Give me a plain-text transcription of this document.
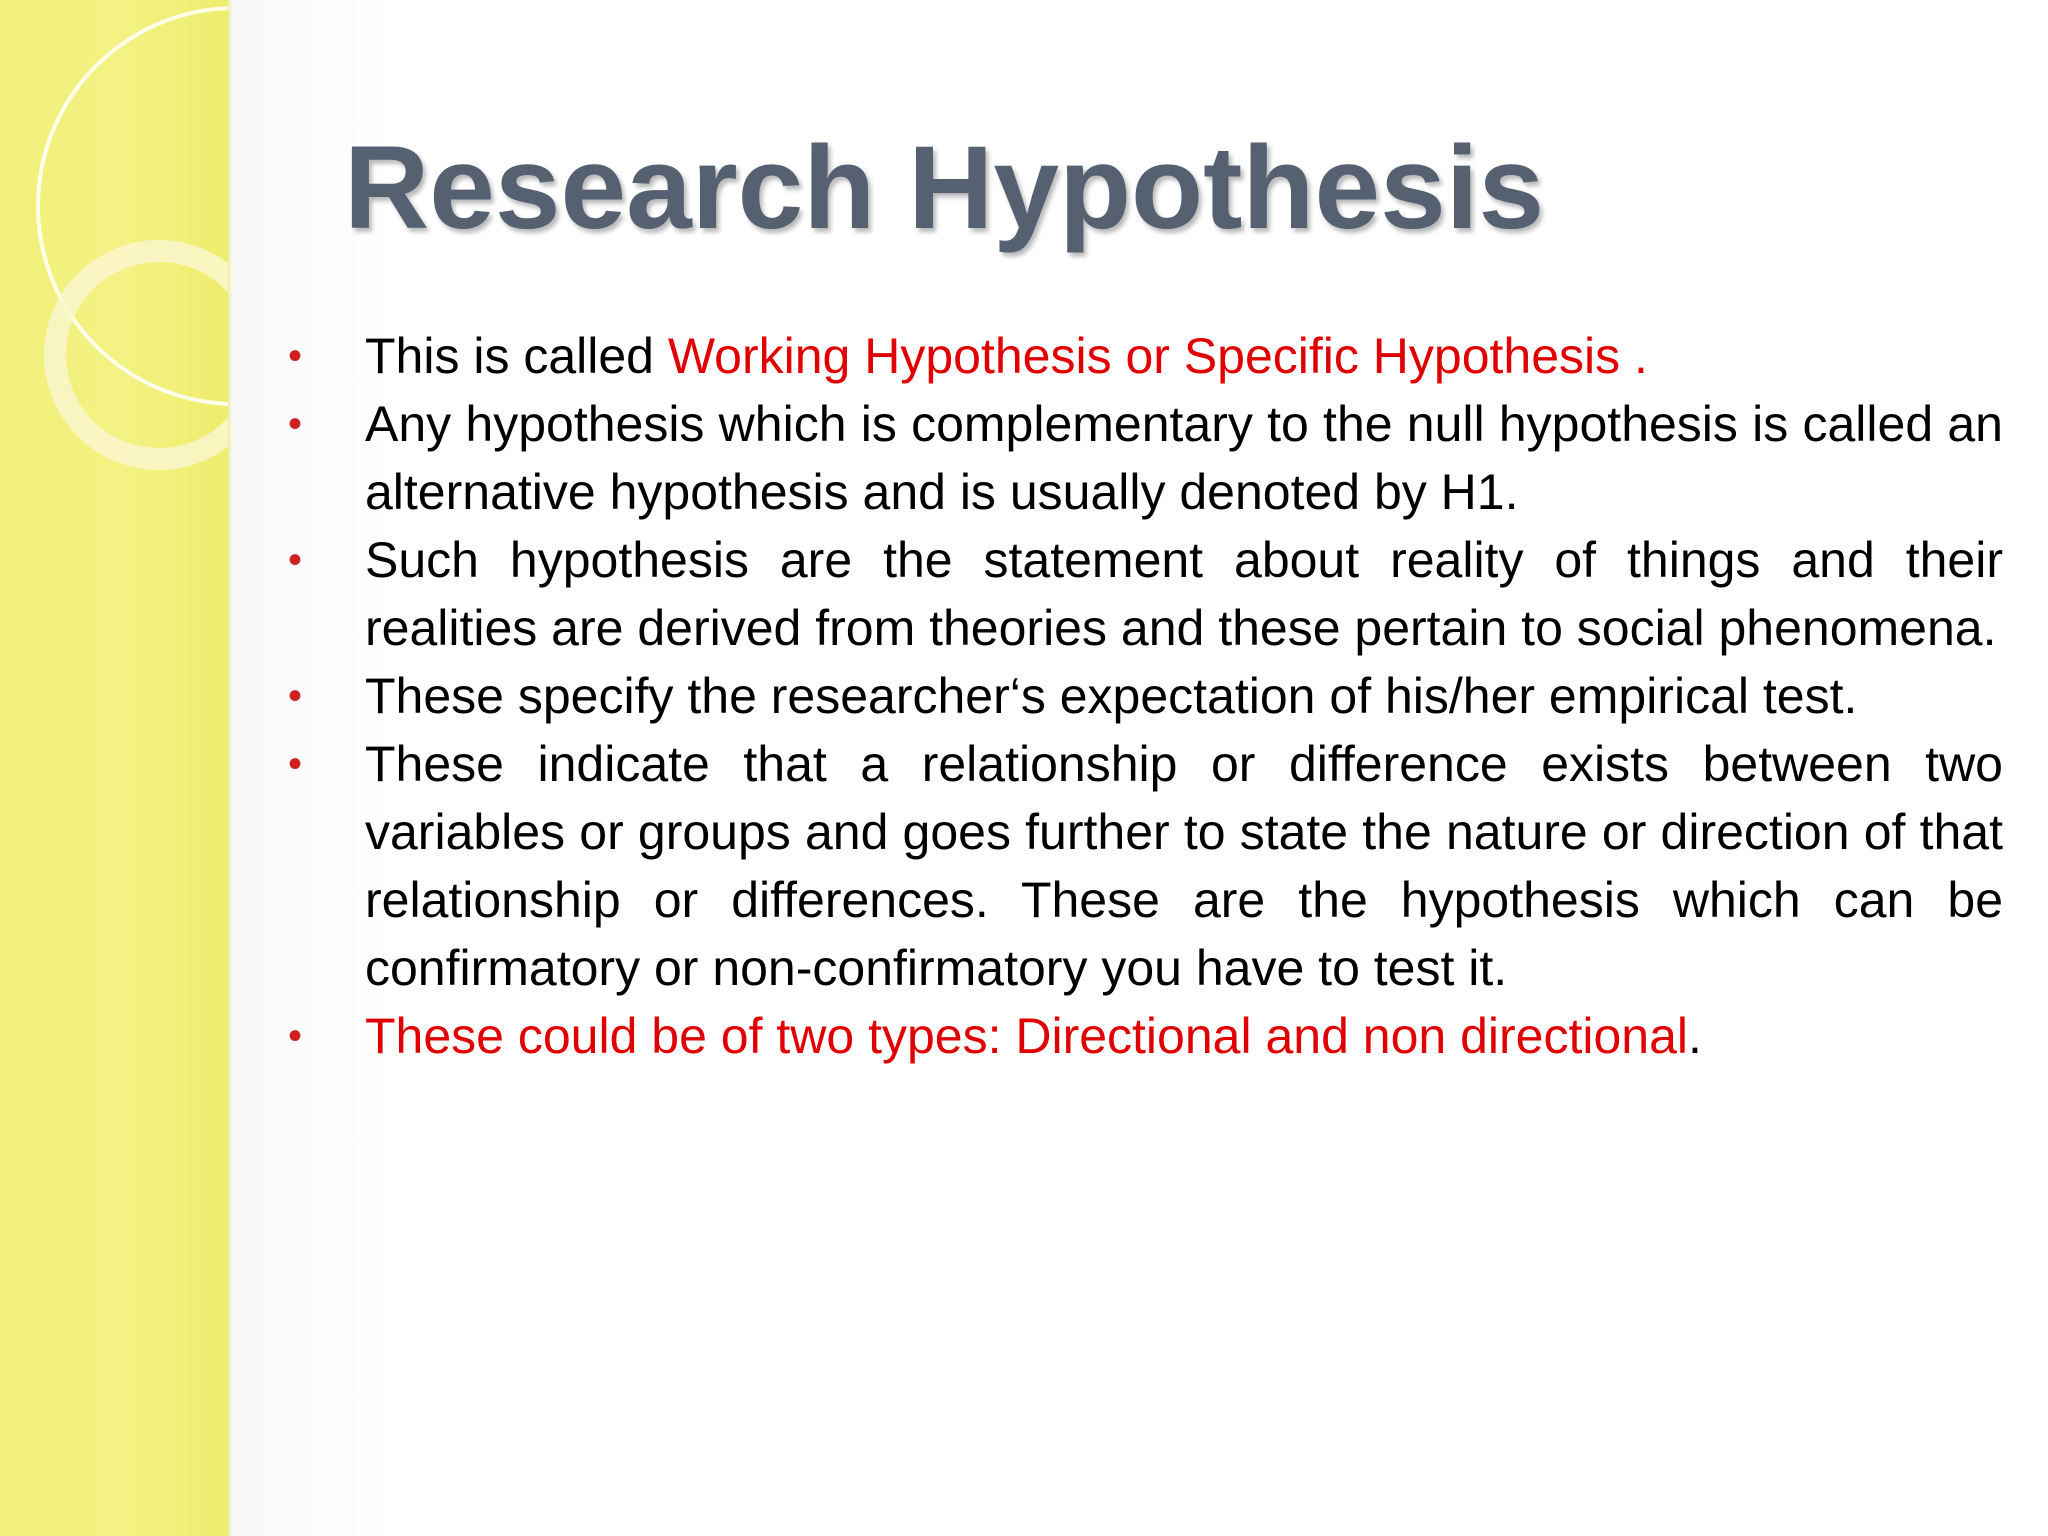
Research Hypothesis
•	This is called Working Hypothesis or Specific Hypothesis .
•	Any hypothesis which is complementary to the null hypothesis is called an alternative hypothesis and is usually denoted by H1.
•	Such hypothesis are the statement about reality of things and their realities are derived from theories and these pertain to social phenomena.
•	These specify the researcher‘s expectation of his/her empirical test.
•	These indicate that a relationship or difference exists between two variables or groups and goes further to state the nature or direction of that relationship or differences. These are the hypothesis which can be confirmatory or non-confirmatory you have to test it.
•	These could be of two types: Directional and non directional.
